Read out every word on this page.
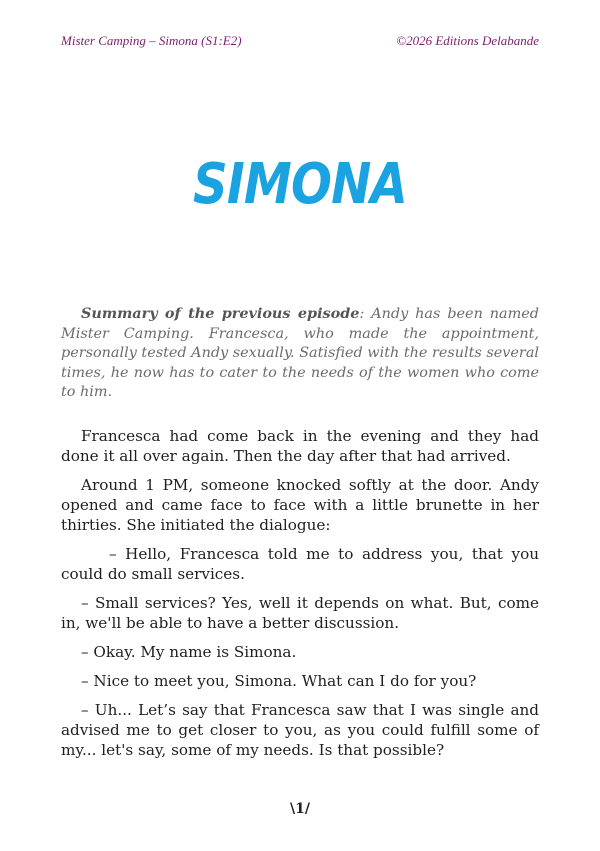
Mister Camping – Simona (S1:E2)	©2026 Editions Delabande
SIMONA

Summary of the previous episode: Andy has been named Mister Camping. Francesca, who made the appointment, personally tested Andy sexually. Satisfied with the results several times, he now has to cater to the needs of the women who come to him.

Francesca had come back in the evening and they had done it all over again. Then the day after that had arrived.

Around 1 PM, someone knocked softly at the door. Andy opened and came face to face with a little brunette in her thirties. She initiated the dialogue:

– Hello, Francesca told me to address you, that you could do small services.

– Small services? Yes, well it depends on what. But, come in, we'll be able to have a better discussion.

– Okay. My name is Simona.

– Nice to meet you, Simona. What can I do for you?

– Uh... Let’s say that Francesca saw that I was single and advised me to get closer to you, as you could fulfill some of my... let's say, some of my needs. Is that possible?

\1/
